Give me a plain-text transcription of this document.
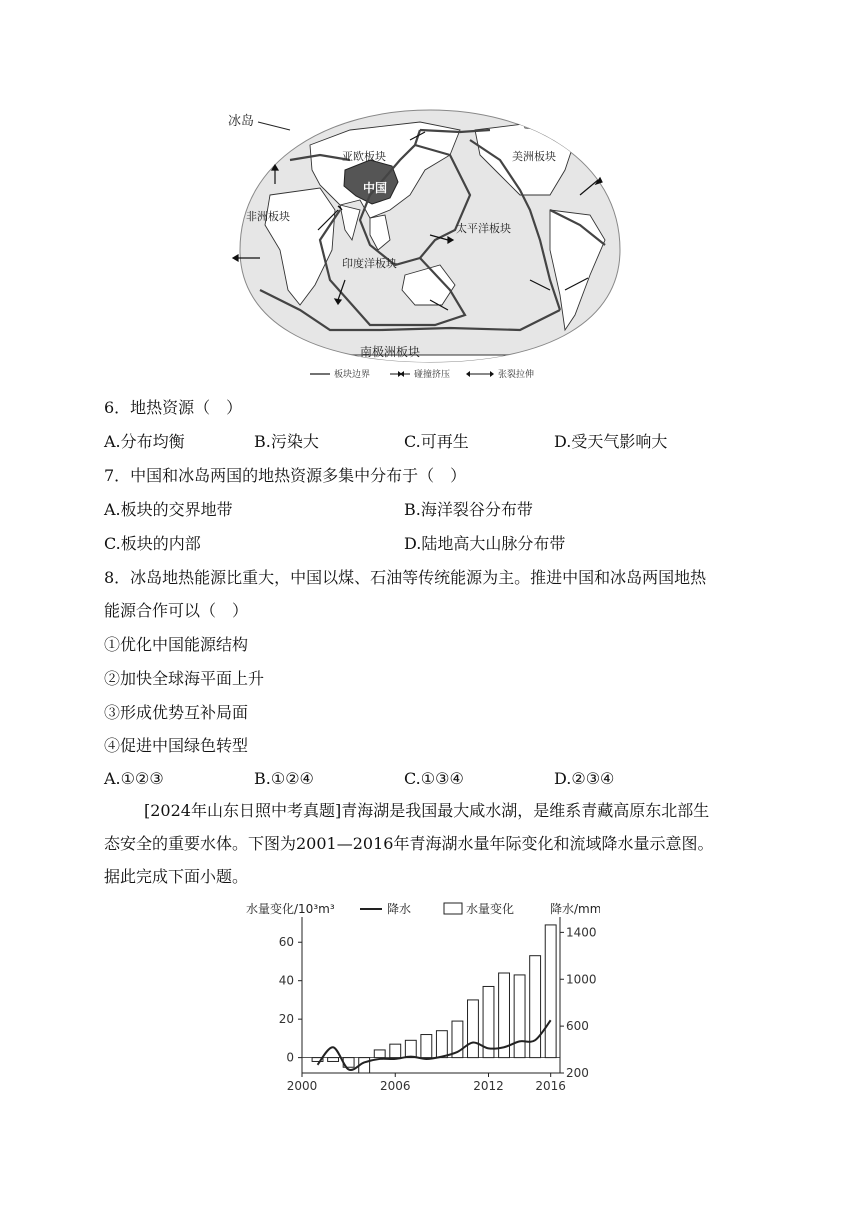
冰岛
亚欧板块	美洲板块
非洲板块
中国
太平洋板块
印度洋板块
南极洲板块
板块边界	碰撞挤压	张裂拉伸
6．地热资源（　）
A.分布均衡	B.污染大	C.可再生	D.受天气影响大
7．中国和冰岛两国的地热资源多集中分布于（　）
A.板块的交界地带	B.海洋裂谷分布带
C.板块的内部	D.陆地高大山脉分布带
8．冰岛地热能源比重大，中国以煤、石油等传统能源为主。推进中国和冰岛两国地热
能源合作可以（　）
①优化中国能源结构
②加快全球海平面上升
③形成优势互补局面
④促进中国绿色转型
A.①②③	B.①②④	C.①③④	D.②③④
[2024年山东日照中考真题]青海湖是我国最大咸水湖，是维系青藏高原东北部生
态安全的重要水体。下图为2001—2016年青海湖水量年际变化和流域降水量示意图。
据此完成下面小题。
0
20
40
60
200
600
1000
1400
2000	2006	2012	2016
水量变化/10³m³	降水	水量变化	降水/mm
